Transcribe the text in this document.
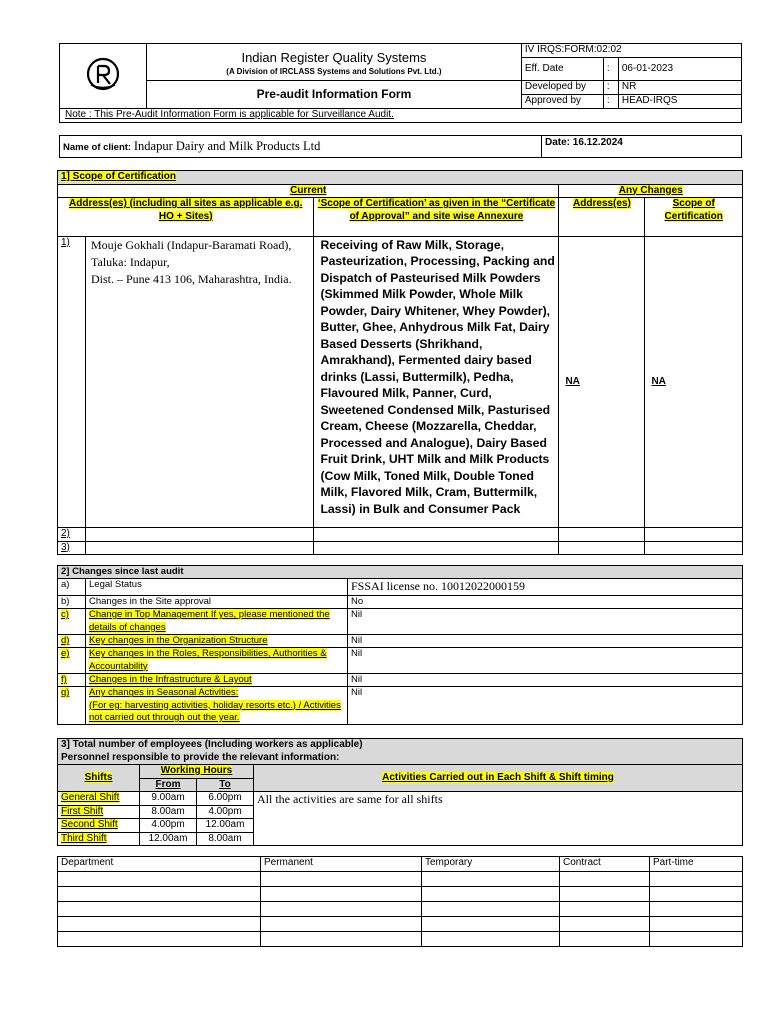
Indian Register Quality Systems
(A Division of IRCLASS Systems and Solutions Pvt. Ltd.)	IV IRQS:FORM:02:02		
		Eff. Date	:	06-01-2023
	Pre-audit Information Form	Developed by	:	NR
		Approved by	:	HEAD-IRQS
Note : This Pre-Audit Information Form is applicable for Surveillance Audit.				
Name of client: Indapur Dairy and Milk Products Ltd	Date: 16.12.2024
1] Scope of Certification				
Current			Any Changes	
Address(es) (including all sites as applicable e.g. HO + Sites)		‘Scope of Certification’ as given in the “Certificate of Approval” and site wise Annexure	Address(es)	Scope of Certification
1)	Mouje Gokhali (Indapur-Baramati Road), Taluka: Indapur,
Dist. – Pune 413 106, Maharashtra, India.	Receiving of Raw Milk, Storage, Pasteurization, Processing, Packing and Dispatch of Pasteurised Milk Powders (Skimmed Milk Powder, Whole Milk Powder, Dairy Whitener, Whey Powder), Butter, Ghee, Anhydrous Milk Fat, Dairy Based Desserts (Shrikhand, Amrakhand), Fermented dairy based drinks (Lassi, Buttermilk), Pedha, Flavoured Milk, Panner, Curd, Sweetened Condensed Milk, Pasturised Cream, Cheese (Mozzarella, Cheddar, Processed and Analogue), Dairy Based Fruit Drink, UHT Milk and Milk Products (Cow Milk, Toned Milk, Double Toned Milk, Flavored Milk, Cram, Buttermilk, Lassi) in Bulk and Consumer Pack	NA	NA
2)				
3)				
2] Changes since last audit		
a)	Legal Status	FSSAI license no. 10012022000159
b)	Changes in the Site approval	No
c)	Change in Top Management If yes, please mentioned the details of changes	Nil
d)	Key changes in the Organization Structure	Nil
e)	Key changes in the Roles, Responsibilities, Authorities & Accountability	Nil
f)	Changes in the Infrastructure & Layout	Nil
g)	Any changes in Seasonal Activities:
(For eg: harvesting activities, holiday resorts etc.) / Activities not carried out through out the year.	Nil
3] Total number of employees (Including workers as applicable)
Personnel responsible to provide the relevant information:			

Shifts	Working Hours		Activities Carried out in Each Shift & Shift timing
	From	To	
General Shift	9.00am	6.00pm	All the activities are same for all shifts
First Shift	8.00am	4.00pm	
Second Shift	4.00pm	12.00am	
Third Shift	12.00am	8.00am	
Department	Permanent	Temporary	Contract	Part-time
